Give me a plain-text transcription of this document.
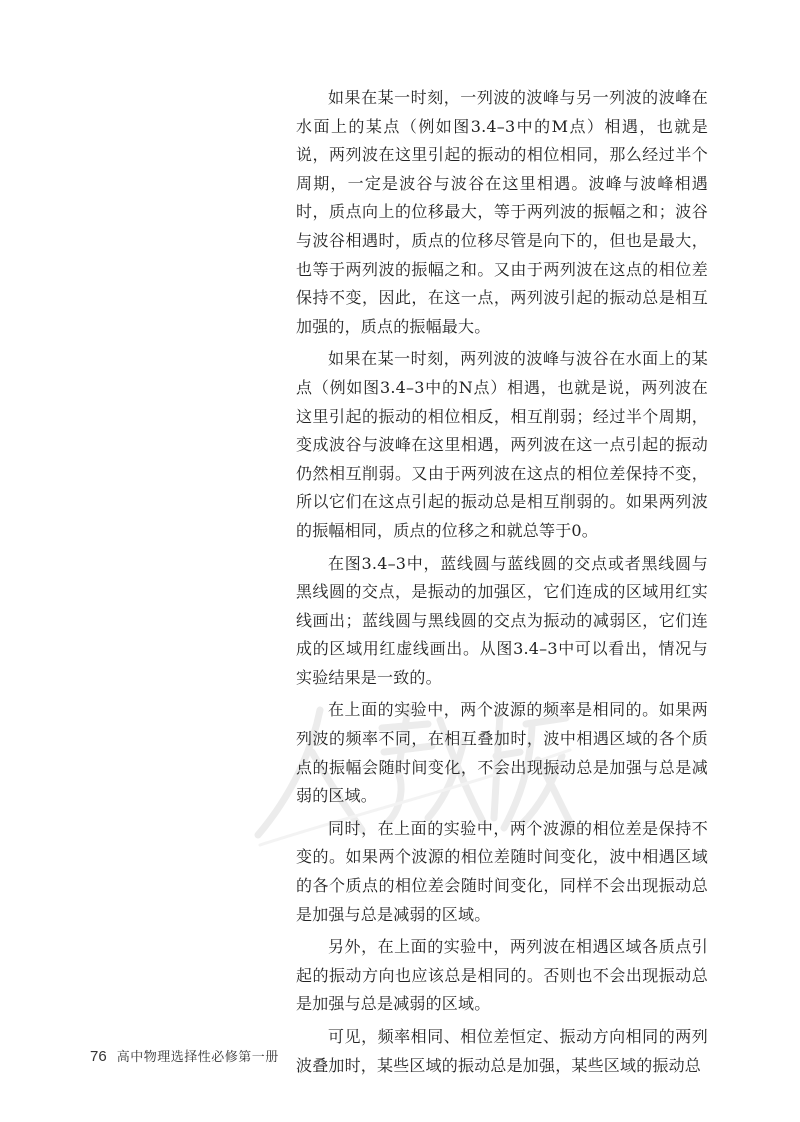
如果在某一时刻，一列波的波峰与另一列波的波峰在水面上的某点（例如图3.4–3中的M点）相遇，也就是说，两列波在这里引起的振动的相位相同，那么经过半个周期，一定是波谷与波谷在这里相遇。波峰与波峰相遇时，质点向上的位移最大，等于两列波的振幅之和；波谷与波谷相遇时，质点的位移尽管是向下的，但也是最大，也等于两列波的振幅之和。又由于两列波在这点的相位差保持不变，因此，在这一点，两列波引起的振动总是相互加强的，质点的振幅最大。

如果在某一时刻，两列波的波峰与波谷在水面上的某点（例如图3.4–3中的N点）相遇，也就是说，两列波在这里引起的振动的相位相反，相互削弱；经过半个周期，变成波谷与波峰在这里相遇，两列波在这一点引起的振动仍然相互削弱。又由于两列波在这点的相位差保持不变，所以它们在这点引起的振动总是相互削弱的。如果两列波的振幅相同，质点的位移之和就总等于0。

在图3.4–3中，蓝线圆与蓝线圆的交点或者黑线圆与黑线圆的交点，是振动的加强区，它们连成的区域用红实线画出；蓝线圆与黑线圆的交点为振动的减弱区，它们连成的区域用红虚线画出。从图3.4–3中可以看出，情况与实验结果是一致的。

在上面的实验中，两个波源的频率是相同的。如果两列波的频率不同，在相互叠加时，波中相遇区域的各个质点的振幅会随时间变化，不会出现振动总是加强与总是减弱的区域。

同时，在上面的实验中，两个波源的相位差是保持不变的。如果两个波源的相位差随时间变化，波中相遇区域的各个质点的相位差会随时间变化，同样不会出现振动总是加强与总是减弱的区域。

另外，在上面的实验中，两列波在相遇区域各质点引起的振动方向也应该总是相同的。否则也不会出现振动总是加强与总是减弱的区域。

可见，频率相同、相位差恒定、振动方向相同的两列波叠加时，某些区域的振动总是加强，某些区域的振动总

76 高中物理选择性必修第一册
